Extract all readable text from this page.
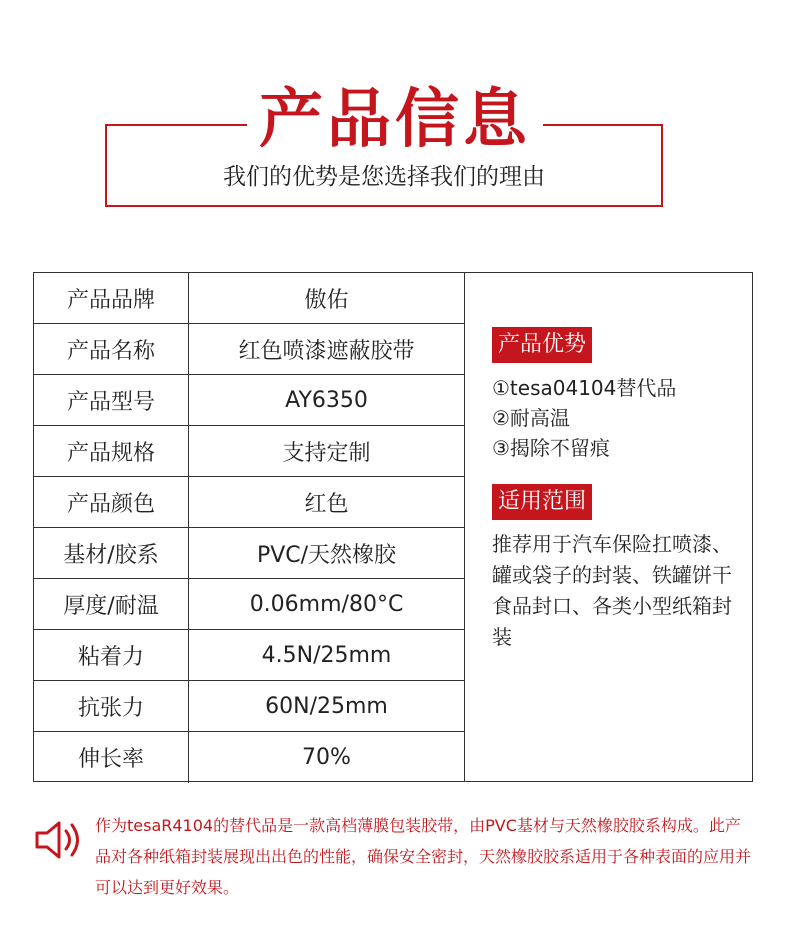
产品信息
我们的优势是您选择我们的理由
产品品牌	傲佑
产品名称	红色喷漆遮蔽胶带
产品型号	AY6350
产品规格	支持定制
产品颜色	红色
基材/胶系	PVC/天然橡胶
厚度/耐温	0.06mm/80°C
粘着力	4.5N/25mm
抗张力	60N/25mm
伸长率	70%
产品优势
①tesa04104替代品
②耐高温
③揭除不留痕
适用范围
推荐用于汽车保险扛喷漆、罐或袋子的封装、铁罐饼干食品封口、各类小型纸箱封装
作为tesaR4104的替代品是一款高档薄膜包装胶带，由PVC基材与天然橡胶胶系构成。此产品对各种纸箱封装展现出出色的性能，确保安全密封，天然橡胶胶系适用于各种表面的应用并可以达到更好效果。
